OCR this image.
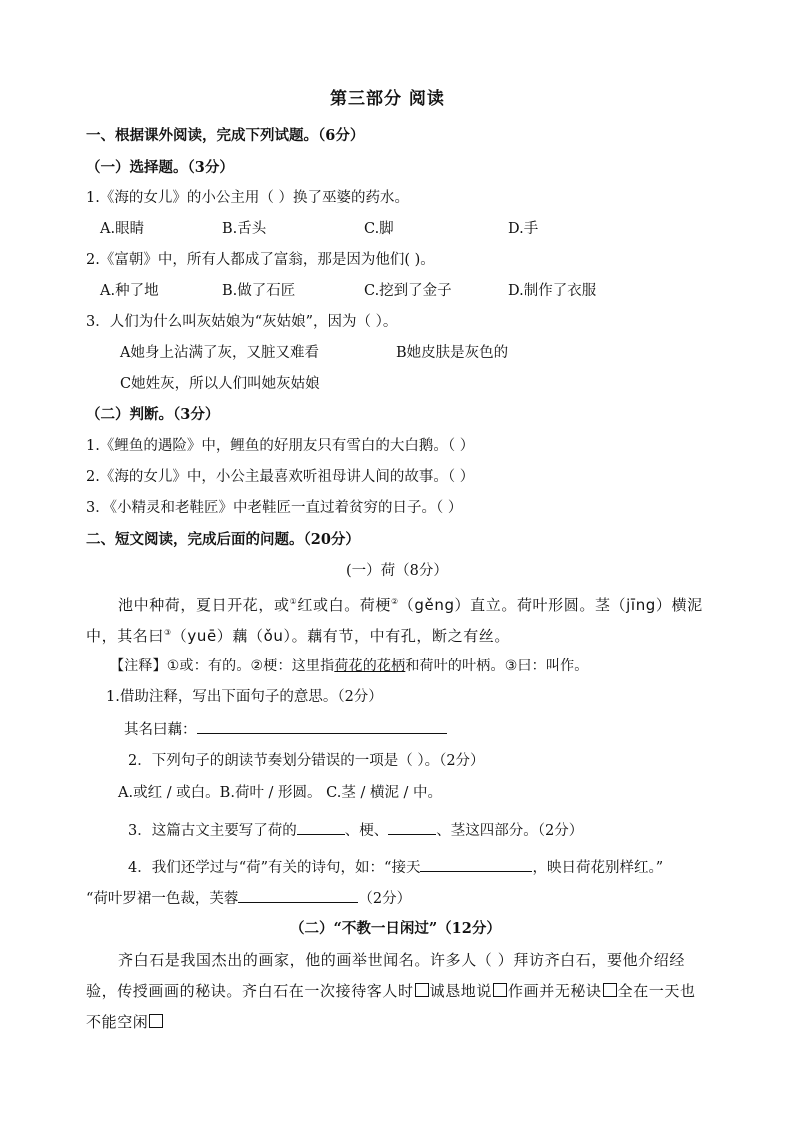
第三部分 阅读
一、根据课外阅读，完成下列试题。（6分）
（一）选择题。（3分）
1.《海的女儿》的小公主用（ ）换了巫婆的药水。
A.眼睛	B.舌头	C.脚	D.手
2.《富朝》中，所有人都成了富翁，那是因为他们( )。
A.种了地	B.做了石匠	C.挖到了金子	D.制作了衣服
3．人们为什么叫灰姑娘为“灰姑娘”，因为（ ）。
A她身上沾满了灰，又脏又难看	B她皮肤是灰色的
C她姓灰，所以人们叫她灰姑娘
（二）判断。（3分）
1.《鲤鱼的遇险》中，鲤鱼的好朋友只有雪白的大白鹅。（ ）
2.《海的女儿》中，小公主最喜欢听祖母讲人间的故事。（ ）
3．《小精灵和老鞋匠》中老鞋匠一直过着贫穷的日子。（ ）
二、短文阅读，完成后面的问题。（20分）
(一）荷（8分）
池中种荷，夏日开花，或①红或白。荷梗②（gěng）直立。荷叶形圆。茎（jīng）横泥
中，其名曰③（yuē）藕（ǒu）。藕有节，中有孔，断之有丝。
【注释】①或：有的。②梗：这里指荷花的花柄和荷叶的叶柄。③曰：叫作。
1.借助注释，写出下面句子的意思。（2分）
其名曰藕：
2．下列句子的朗读节奏划分错误的一项是（ ）。（2分）
A.或红 / 或白。B.荷叶 / 形圆。 C.茎 / 横泥 / 中。
3．这篇古文主要写了荷的	、梗、	、茎这四部分。（2分）
4．我们还学过与“荷”有关的诗句，如：“接天	，映日荷花别样红。”
“荷叶罗裙一色裁，芙蓉	（2分）
（二）“不教一日闲过”（12分）
齐白石是我国杰出的画家，他的画举世闻名。许多人（ ）拜访齐白石，要他介绍经
验，传授画画的秘诀。齐白石在一次接待客人时 诚恳地说 作画并无秘诀 全在一天也
不能空闲
